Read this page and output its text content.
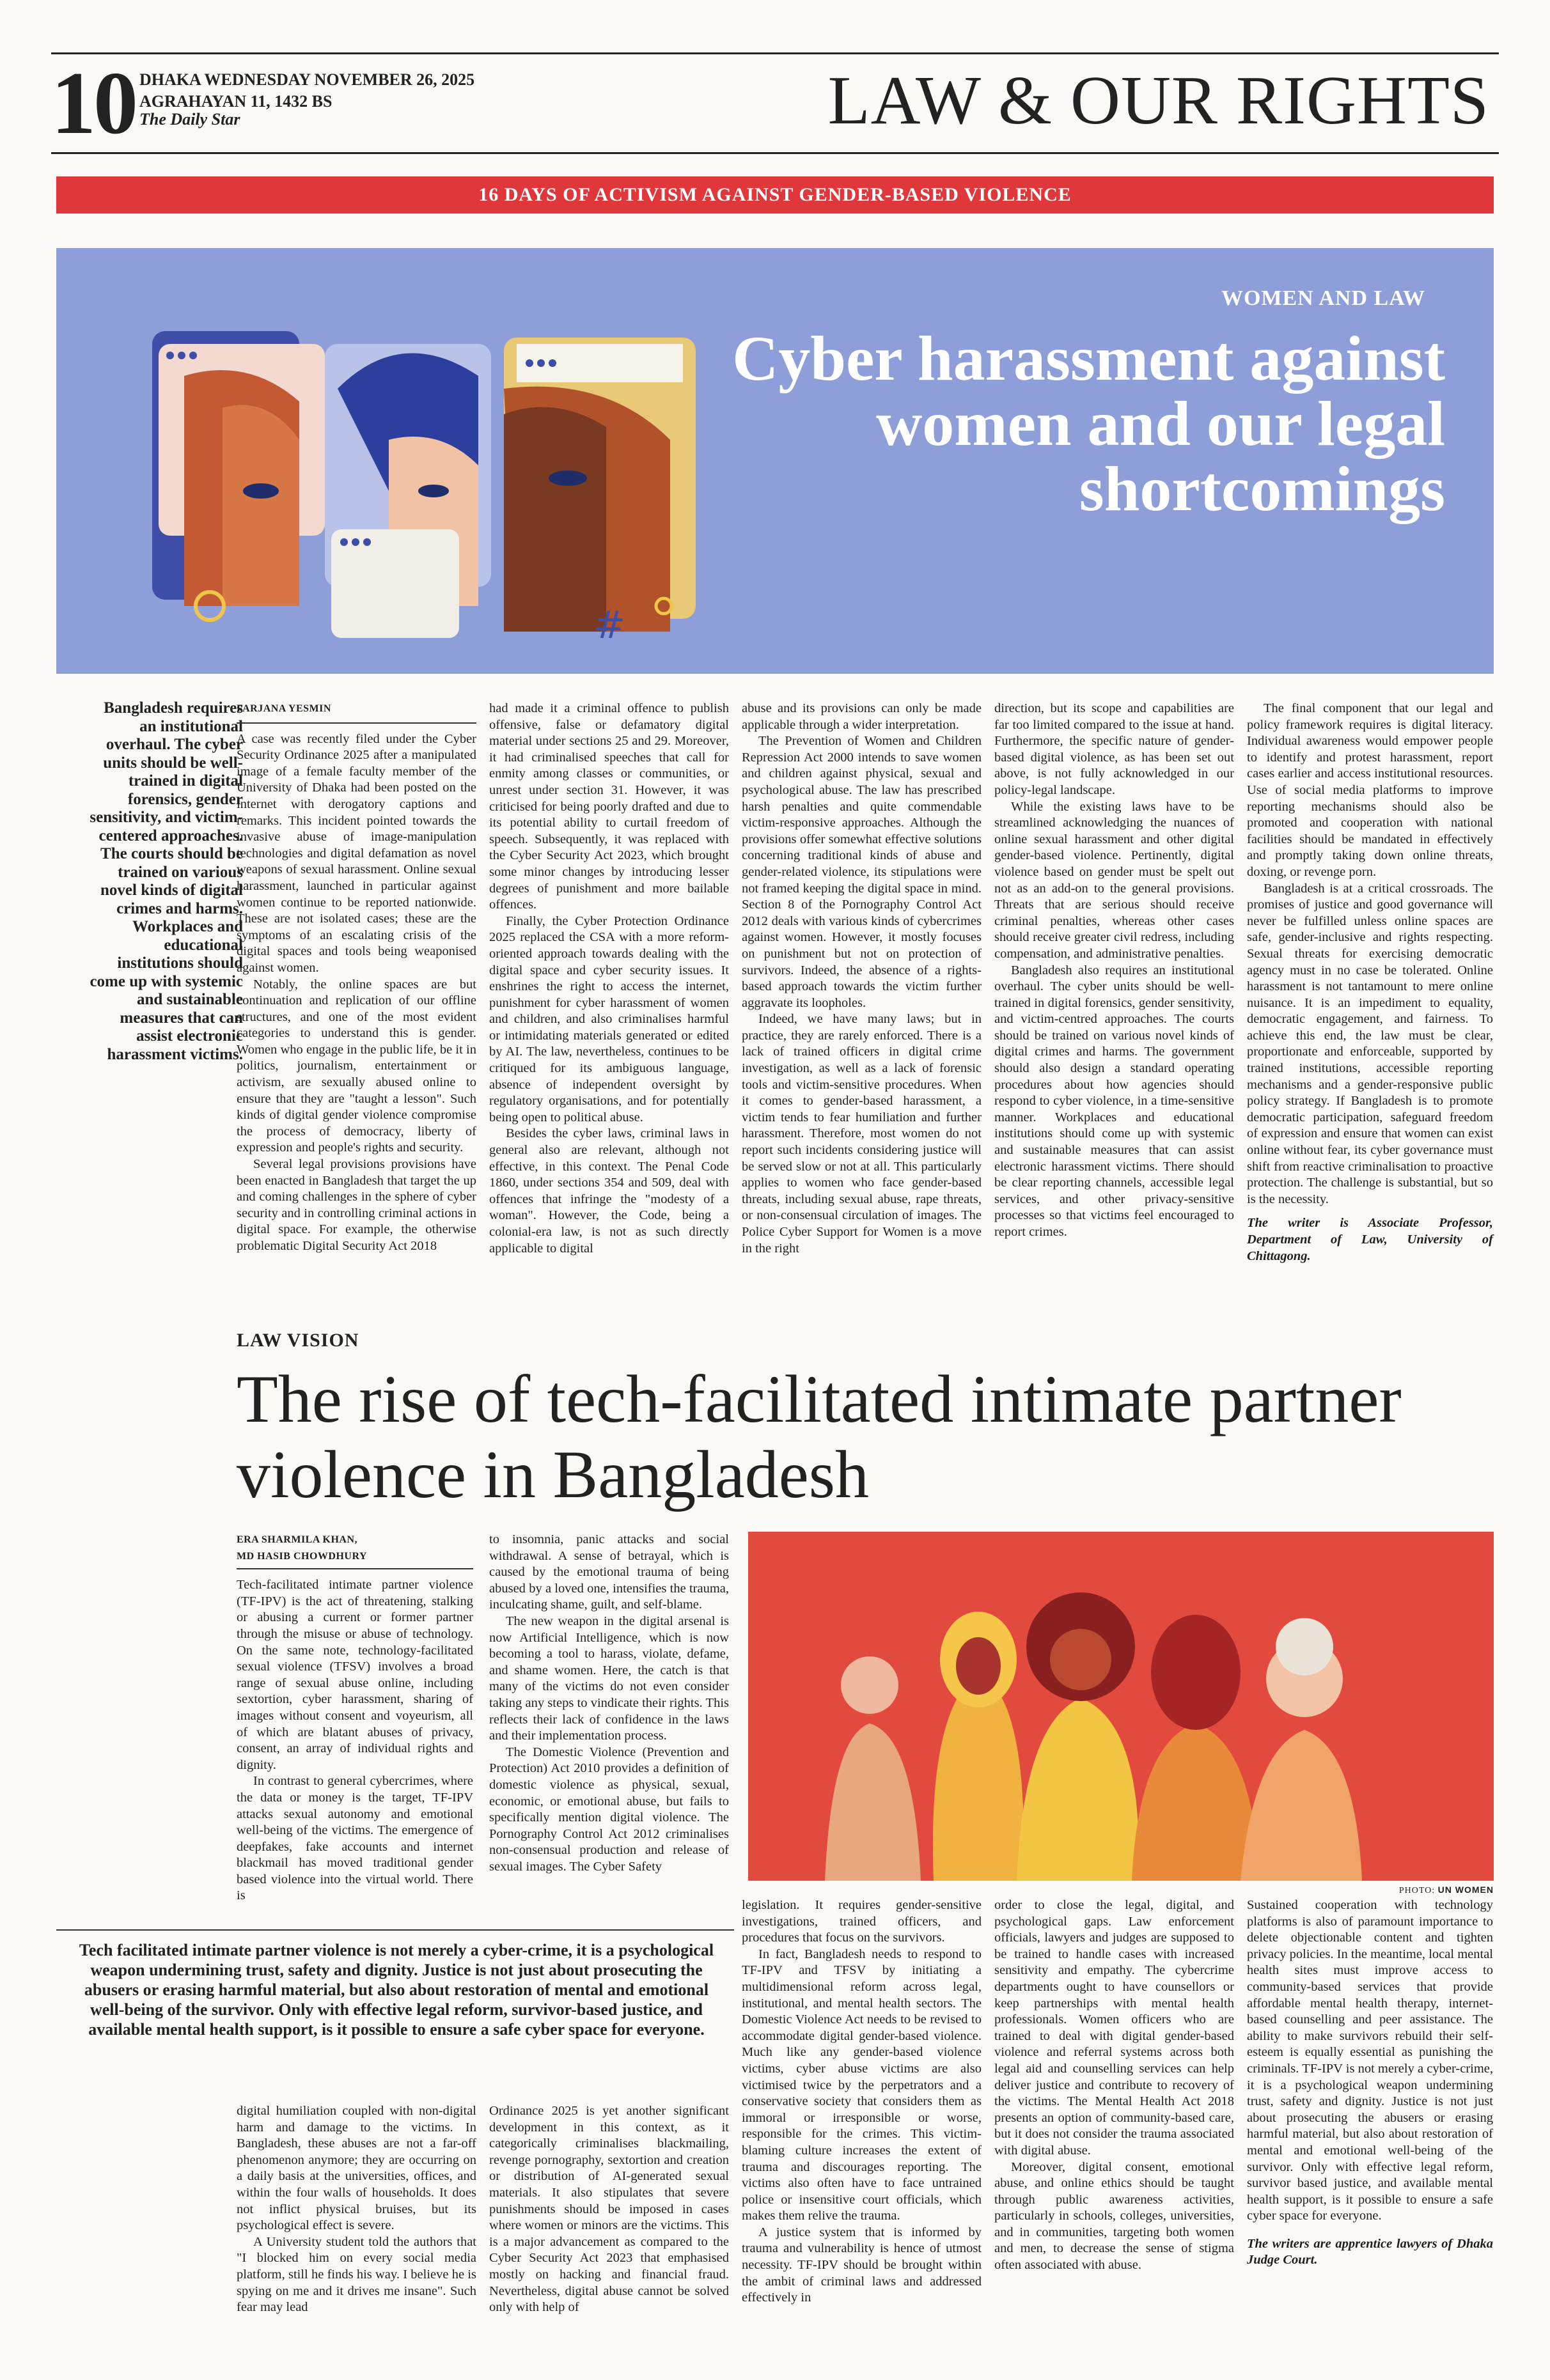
10 DHAKA WEDNESDAY NOVEMBER 26, 2025
AGRAHAYAN 11, 1432 BS
The Daily Star	LAW & OUR RIGHTS
16 DAYS OF ACTIVISM AGAINST GENDER-BASED VIOLENCE
#
WOMEN AND LAW
Cyber harassment against women and our legal shortcomings
Bangladesh requires an institutional overhaul. The cyber units should be well-trained in digital forensics, gender sensitivity, and victim-centered approaches. The courts should be trained on various novel kinds of digital crimes and harms. Workplaces and educational institutions should come up with systemic and sustainable measures that can assist electronic harassment victims.
FARJANA YESMIN

A case was recently filed under the Cyber Security Ordinance 2025 after a manipulated image of a female faculty member of the University of Dhaka had been posted on the internet with derogatory captions and remarks. This incident pointed towards the invasive abuse of image-manipulation technologies and digital defamation as novel weapons of sexual harassment. Online sexual harassment, launched in particular against women continue to be reported nationwide. These are not isolated cases; these are the symptoms of an escalating crisis of the digital spaces and tools being weaponised against women.

Notably, the online spaces are but continuation and replication of our offline structures, and one of the most evident categories to understand this is gender. Women who engage in the public life, be it in politics, journalism, entertainment or activism, are sexually abused online to ensure that they are "taught a lesson". Such kinds of digital gender violence compromise the process of democracy, liberty of expression and people's rights and security.

Several legal provisions provisions have been enacted in Bangladesh that target the up and coming challenges in the sphere of cyber security and in controlling criminal actions in digital space. For example, the otherwise problematic Digital Security Act 2018

had made it a criminal offence to publish offensive, false or defamatory digital material under sections 25 and 29. Moreover, it had criminalised speeches that call for enmity among classes or communities, or unrest under section 31. However, it was criticised for being poorly drafted and due to its potential ability to curtail freedom of speech. Subsequently, it was replaced with the Cyber Security Act 2023, which brought some minor changes by introducing lesser degrees of punishment and more bailable offences.

Finally, the Cyber Protection Ordinance 2025 replaced the CSA with a more reform-oriented approach towards dealing with the digital space and cyber security issues. It enshrines the right to access the internet, punishment for cyber harassment of women and children, and also criminalises harmful or intimidating materials generated or edited by AI. The law, nevertheless, continues to be critiqued for its ambiguous language, absence of independent oversight by regulatory organisations, and for potentially being open to political abuse.

Besides the cyber laws, criminal laws in general also are relevant, although not effective, in this context. The Penal Code 1860, under sections 354 and 509, deal with offences that infringe the "modesty of a woman". However, the Code, being a colonial-era law, is not as such directly applicable to digital

abuse and its provisions can only be made applicable through a wider interpretation.

The Prevention of Women and Children Repression Act 2000 intends to save women and children against physical, sexual and psychological abuse. The law has prescribed harsh penalties and quite commendable victim-responsive approaches. Although the provisions offer somewhat effective solutions concerning traditional kinds of abuse and gender-related violence, its stipulations were not framed keeping the digital space in mind. Section 8 of the Pornography Control Act 2012 deals with various kinds of cybercrimes against women. However, it mostly focuses on punishment but not on protection of survivors. Indeed, the absence of a rights-based approach towards the victim further aggravate its loopholes.

Indeed, we have many laws; but in practice, they are rarely enforced. There is a lack of trained officers in digital crime investigation, as well as a lack of forensic tools and victim-sensitive procedures. When it comes to gender-based harassment, a victim tends to fear humiliation and further harassment. Therefore, most women do not report such incidents considering justice will be served slow or not at all. This particularly applies to women who face gender-based threats, including sexual abuse, rape threats, or non-consensual circulation of images. The Police Cyber Support for Women is a move in the right

direction, but its scope and capabilities are far too limited compared to the issue at hand. Furthermore, the specific nature of gender-based digital violence, as has been set out above, is not fully acknowledged in our policy-legal landscape.

While the existing laws have to be streamlined acknowledging the nuances of online sexual harassment and other digital gender-based violence. Pertinently, digital violence based on gender must be spelt out not as an add-on to the general provisions. Threats that are serious should receive criminal penalties, whereas other cases should receive greater civil redress, including compensation, and administrative penalties.

Bangladesh also requires an institutional overhaul. The cyber units should be well-trained in digital forensics, gender sensitivity, and victim-centred approaches. The courts should be trained on various novel kinds of digital crimes and harms. The government should also design a standard operating procedures about how agencies should respond to cyber violence, in a time-sensitive manner. Workplaces and educational institutions should come up with systemic and sustainable measures that can assist electronic harassment victims. There should be clear reporting channels, accessible legal services, and other privacy-sensitive processes so that victims feel encouraged to report crimes.

The final component that our legal and policy framework requires is digital literacy. Individual awareness would empower people to identify and protest harassment, report cases earlier and access institutional resources. Use of social media platforms to improve reporting mechanisms should also be promoted and cooperation with national facilities should be mandated in effectively and promptly taking down online threats, doxing, or revenge porn.

Bangladesh is at a critical crossroads. The promises of justice and good governance will never be fulfilled unless online spaces are safe, gender-inclusive and rights respecting. Sexual threats for exercising democratic agency must in no case be tolerated. Online harassment is not tantamount to mere online nuisance. It is an impediment to equality, democratic engagement, and fairness. To achieve this end, the law must be clear, proportionate and enforceable, supported by trained institutions, accessible reporting mechanisms and a gender-responsive public policy strategy. If Bangladesh is to promote democratic participation, safeguard freedom of expression and ensure that women can exist online without fear, its cyber governance must shift from reactive criminalisation to proactive protection. The challenge is substantial, but so is the necessity.

The writer is Associate Professor, Department of Law, University of Chittagong.

LAW VISION
The rise of tech-facilitated intimate partner violence in Bangladesh
ERA SHARMILA KHAN,
MD HASIB CHOWDHURY

Tech-facilitated intimate partner violence (TF-IPV) is the act of threatening, stalking or abusing a current or former partner through the misuse or abuse of technology. On the same note, technology-facilitated sexual violence (TFSV) involves a broad range of sexual abuse online, including sextortion, cyber harassment, sharing of images without consent and voyeurism, all of which are blatant abuses of privacy, consent, an array of individual rights and dignity.

In contrast to general cybercrimes, where the data or money is the target, TF-IPV attacks sexual autonomy and emotional well-being of the victims. The emergence of deepfakes, fake accounts and internet blackmail has moved traditional gender based violence into the virtual world. There is

to insomnia, panic attacks and social withdrawal. A sense of betrayal, which is caused by the emotional trauma of being abused by a loved one, intensifies the trauma, inculcating shame, guilt, and self-blame.

The new weapon in the digital arsenal is now Artificial Intelligence, which is now becoming a tool to harass, violate, defame, and shame women. Here, the catch is that many of the victims do not even consider taking any steps to vindicate their rights. This reflects their lack of confidence in the laws and their implementation process.

The Domestic Violence (Prevention and Protection) Act 2010 provides a definition of domestic violence as physical, sexual, economic, or emotional abuse, but fails to specifically mention digital violence. The Pornography Control Act 2012 criminalises non-consensual production and release of sexual images. The Cyber Safety

PHOTO: UN WOMEN
Tech facilitated intimate partner violence is not merely a cyber-crime, it is a psychological weapon undermining trust, safety and dignity. Justice is not just about prosecuting the abusers or erasing harmful material, but also about restoration of mental and emotional well-being of the survivor. Only with effective legal reform, survivor-based justice, and available mental health support, is it possible to ensure a safe cyber space for everyone.

digital humiliation coupled with non-digital harm and damage to the victims. In Bangladesh, these abuses are not a far-off phenomenon anymore; they are occurring on a daily basis at the universities, offices, and within the four walls of households. It does not inflict physical bruises, but its psychological effect is severe.

A University student told the authors that "I blocked him on every social media platform, still he finds his way. I believe he is spying on me and it drives me insane". Such fear may lead

Ordinance 2025 is yet another significant development in this context, as it categorically criminalises blackmailing, revenge pornography, sextortion and creation or distribution of AI-generated sexual materials. It also stipulates that severe punishments should be imposed in cases where women or minors are the victims. This is a major advancement as compared to the Cyber Security Act 2023 that emphasised mostly on hacking and financial fraud. Nevertheless, digital abuse cannot be solved only with help of

legislation. It requires gender-sensitive investigations, trained officers, and procedures that focus on the survivors.

In fact, Bangladesh needs to respond to TF-IPV and TFSV by initiating a multidimensional reform across legal, institutional, and mental health sectors. The Domestic Violence Act needs to be revised to accommodate digital gender-based violence. Much like any gender-based violence victims, cyber abuse victims are also victimised twice by the perpetrators and a conservative society that considers them as immoral or irresponsible or worse, responsible for the crimes. This victim-blaming culture increases the extent of trauma and discourages reporting. The victims also often have to face untrained police or insensitive court officials, which makes them relive the trauma.

A justice system that is informed by trauma and vulnerability is hence of utmost necessity. TF-IPV should be brought within the ambit of criminal laws and addressed effectively in

order to close the legal, digital, and psychological gaps. Law enforcement officials, lawyers and judges are supposed to be trained to handle cases with increased sensitivity and empathy. The cybercrime departments ought to have counsellors or keep partnerships with mental health professionals. Women officers who are trained to deal with digital gender-based violence and referral systems across both legal aid and counselling services can help deliver justice and contribute to recovery of the victims. The Mental Health Act 2018 presents an option of community-based care, but it does not consider the trauma associated with digital abuse.

Moreover, digital consent, emotional abuse, and online ethics should be taught through public awareness activities, particularly in schools, colleges, universities, and in communities, targeting both women and men, to decrease the sense of stigma often associated with abuse.

Sustained cooperation with technology platforms is also of paramount importance to delete objectionable content and tighten privacy policies. In the meantime, local mental health sites must improve access to community-based services that provide affordable mental health therapy, internet-based counselling and peer assistance. The ability to make survivors rebuild their self-esteem is equally essential as punishing the criminals. TF-IPV is not merely a cyber-crime, it is a psychological weapon undermining trust, safety and dignity. Justice is not just about prosecuting the abusers or erasing harmful material, but also about restoration of mental and emotional well-being of the survivor. Only with effective legal reform, survivor based justice, and available mental health support, is it possible to ensure a safe cyber space for everyone.

The writers are apprentice lawyers of Dhaka Judge Court.
